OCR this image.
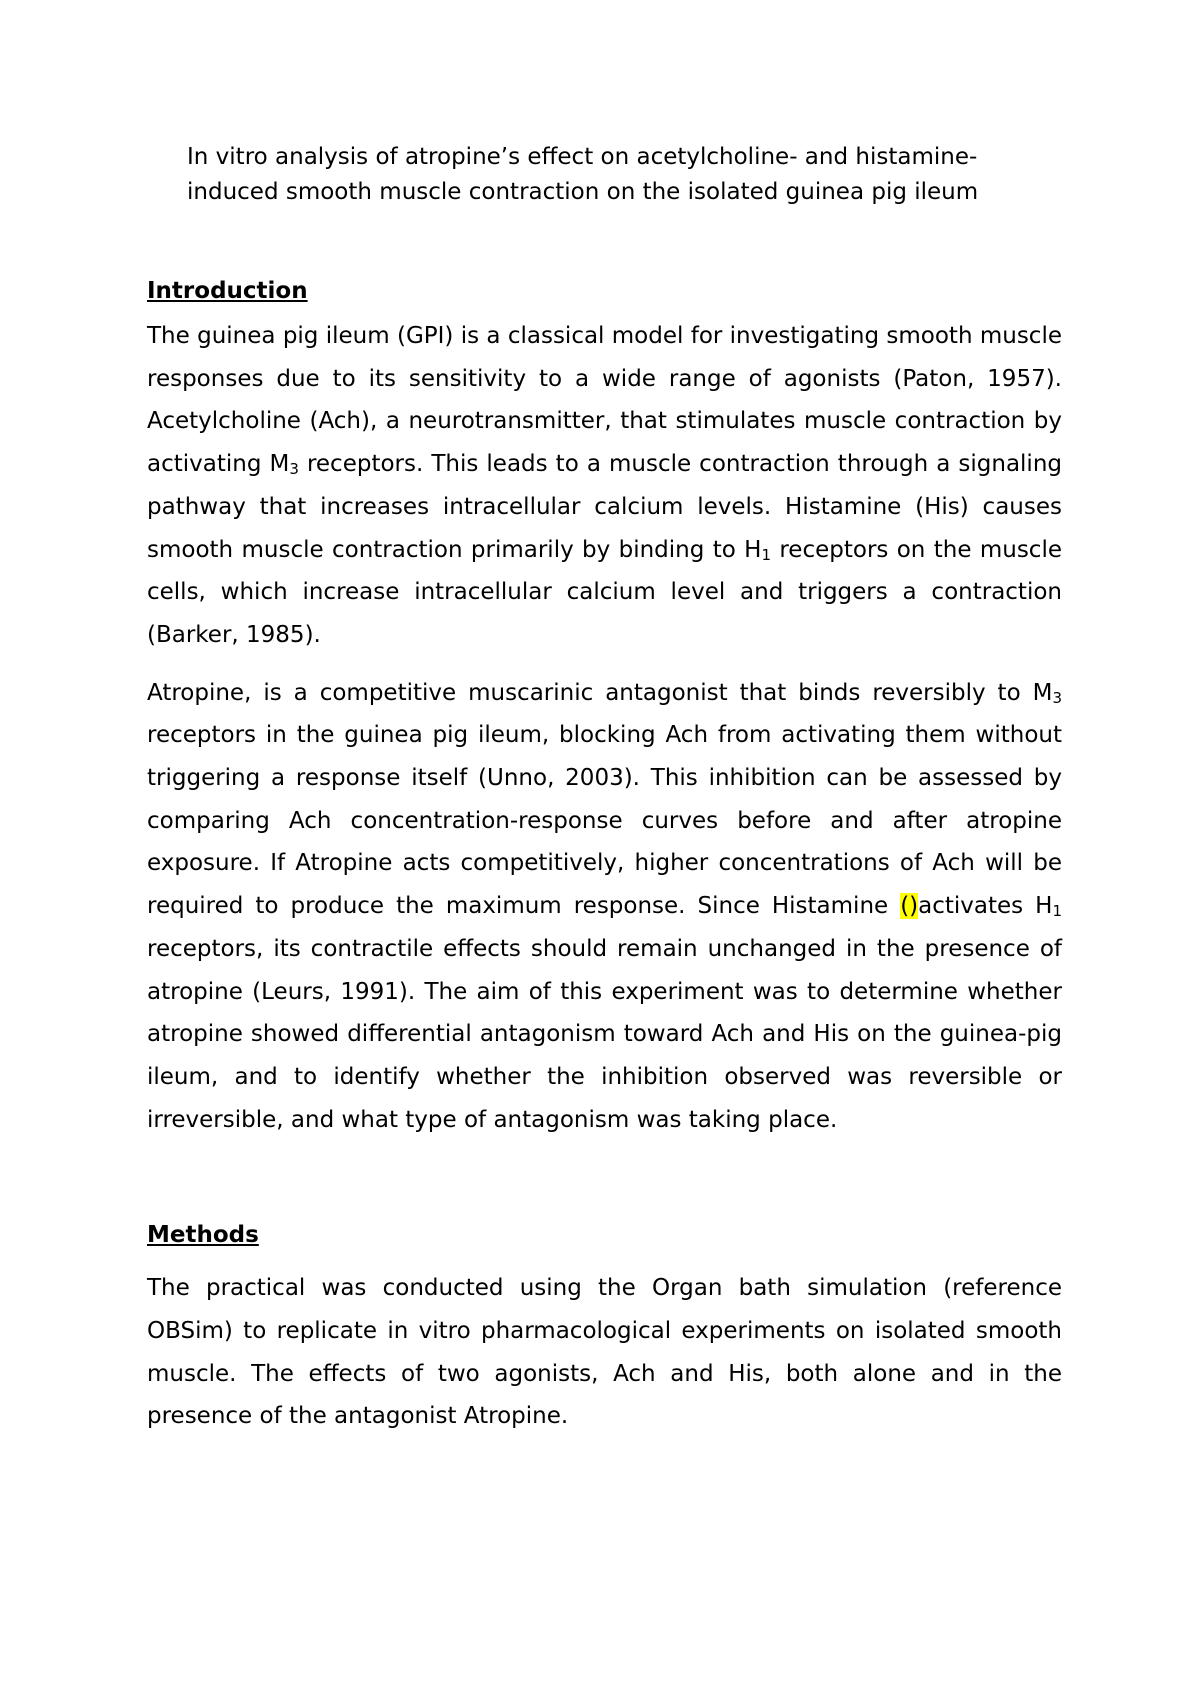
In vitro analysis of atropine’s effect on acetylcholine- and histamine-
induced smooth muscle contraction on the isolated guinea pig ileum
Introduction

The guinea pig ileum (GPI) is a classical model for investigating smooth muscle responses due to its sensitivity to a wide range of agonists (Paton, 1957). Acetylcholine (Ach), a neurotransmitter, that stimulates muscle contraction by activating $M_3$ receptors. This leads to a muscle contraction through a signaling pathway that increases intracellular calcium levels. Histamine (His) causes smooth muscle contraction primarily by binding to $H_1$ receptors on the muscle cells, which increase intracellular calcium level and triggers a contraction (Barker, 1985).

Atropine, is a competitive muscarinic antagonist that binds reversibly to $M_3$ receptors in the guinea pig ileum, blocking Ach from activating them without triggering a response itself (Unno, 2003). This inhibition can be assessed by comparing Ach concentration-response curves before and after atropine exposure. If Atropine acts competitively, higher concentrations of Ach will be required to produce the maximum response. Since Histamine ()activates $H_1$ receptors, its contractile effects should remain unchanged in the presence of atropine (Leurs, 1991). The aim of this experiment was to determine whether atropine showed differential antagonism toward Ach and His on the guinea-pig ileum, and to identify whether the inhibition observed was reversible or irreversible, and what type of antagonism was taking place.

Methods

The practical was conducted using the Organ bath simulation (reference OBSim) to replicate in vitro pharmacological experiments on isolated smooth muscle. The effects of two agonists, Ach and His, both alone and in the presence of the antagonist Atropine.
